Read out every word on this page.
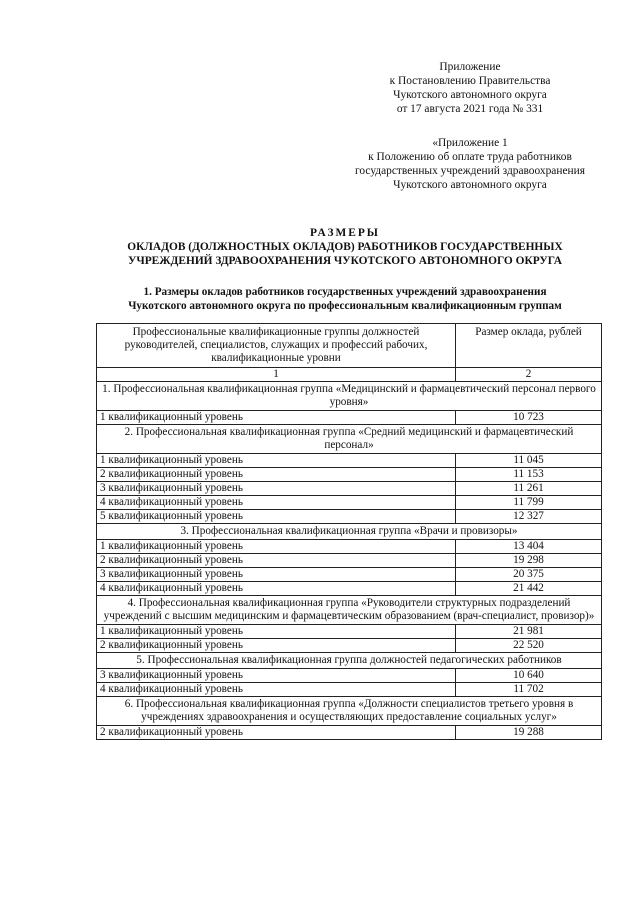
Приложение
к Постановлению Правительства
Чукотского автономного округа
от 17 августа 2021 года № 331
«Приложение 1
к Положению об оплате труда работников
государственных учреждений здравоохранения
Чукотского автономного округа
РАЗМЕРЫ
ОКЛАДОВ (ДОЛЖНОСТНЫХ ОКЛАДОВ) РАБОТНИКОВ ГОСУДАРСТВЕННЫХ
УЧРЕЖДЕНИЙ ЗДРАВООХРАНЕНИЯ ЧУКОТСКОГО АВТОНОМНОГО ОКРУГА
1. Размеры окладов работников государственных учреждений здравоохранения
Чукотского автономного округа по профессиональным квалификационным группам
Профессиональные квалификационные группы должностей руководителей, специалистов, служащих и профессий рабочих, квалификационные уровни	Размер оклада, рублей
1	2
1. Профессиональная квалификационная группа «Медицинский и фармацевтический персонал первого уровня»	
1 квалификационный уровень	10 723
2. Профессиональная квалификационная группа «Средний медицинский и фармацевтический персонал»	
1 квалификационный уровень	11 045
2 квалификационный уровень	11 153
3 квалификационный уровень	11 261
4 квалификационный уровень	11 799
5 квалификационный уровень	12 327
3. Профессиональная квалификационная группа «Врачи и провизоры»	
1 квалификационный уровень	13 404
2 квалификационный уровень	19 298
3 квалификационный уровень	20 375
4 квалификационный уровень	21 442
4. Профессиональная квалификационная группа «Руководители структурных подразделений учреждений с высшим медицинским и фармацевтическим образованием (врач-специалист, провизор)»	
1 квалификационный уровень	21 981
2 квалификационный уровень	22 520
5. Профессиональная квалификационная группа должностей педагогических работников	
3 квалификационный уровень	10 640
4 квалификационный уровень	11 702
6. Профессиональная квалификационная группа «Должности специалистов третьего уровня в учреждениях здравоохранения и осуществляющих предоставление социальных услуг»	
2 квалификационный уровень	19 288
